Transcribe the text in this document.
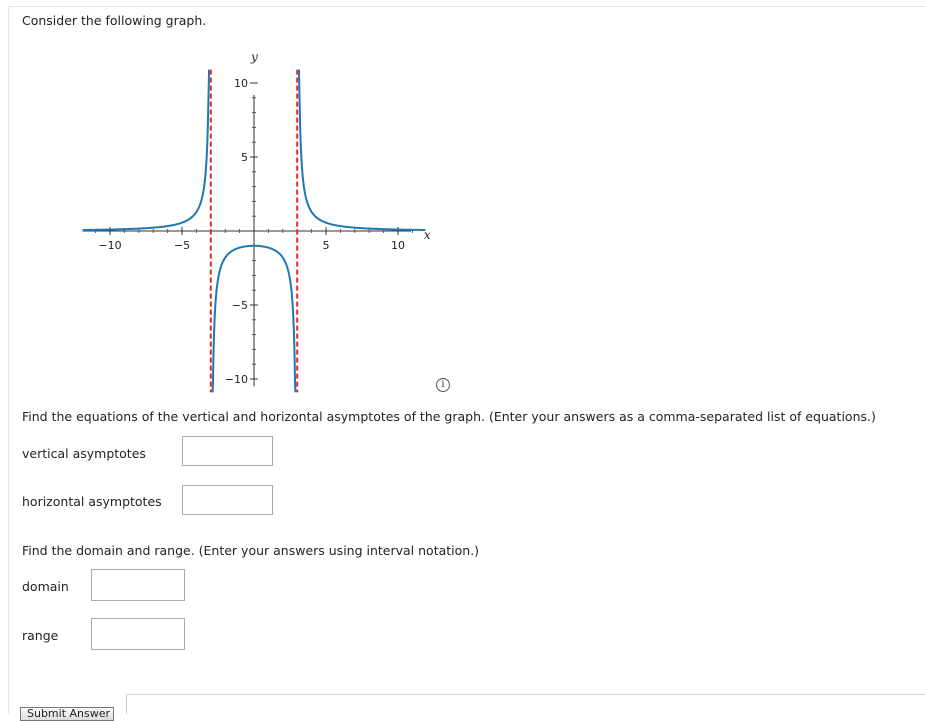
Consider the following graph.
x
y
−10	−5	5	10
10
5
−5
−10	i
Find the equations of the vertical and horizontal asymptotes of the graph. (Enter your answers as a comma-separated list of equations.)
vertical asymptotes
horizontal asymptotes
Find the domain and range. (Enter your answers using interval notation.)
domain
range
Submit Answer
